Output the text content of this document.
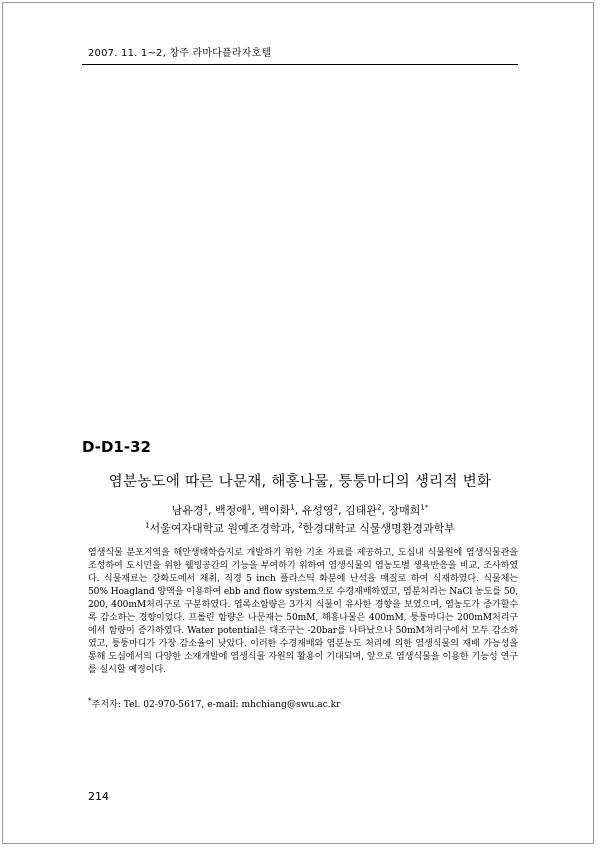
2007. 11. 1~2, 창주 라마다플라자호텔
D-D1-32
염분농도에 따른 나문재, 해홍나물, 퉁퉁마디의 생리적 변화
남유경$^1$, 백정애$^1$, 백이화$^1$, 유성영$^2$, 김태완$^2$, 장매희$^{1*}$
$^1$서울여자대학교 원예조경학과, $^2$한경대학교 식물생명환경과학부

염생식물 분포지역을 해안생태학습지로 개발하기 위한 기초 자료를 제공하고, 도심내 식물원에 염생식물관을 조성하여 도시민을 위한 웰빙공간의 기능을 부여하기 위하여 염생식물의 염농도별 생육반응을 비교, 조사하였다. 식물재료는 강화도에서 채취, 직경 5 inch 플라스틱 화분에 난석을 매질로 하여 식재하였다. 식물체는 50% Hoagland 양액을 이용하여 ebb and flow system으로 수경재배하였고, 염분처리는 NaCl 농도를 50, 200, 400mM처리구로 구분하였다. 엽록소함량은 3가지 식물이 유사한 경향을 보였으며, 염농도가 증가할수록 감소하는 경향이었다. 프롤린 함량은 나문재는 50mM, 해홍나물은 400mM, 퉁퉁마디는 200mM처리구에서 함량이 증가하였다. Water potential은 대조구는 -20bar를 나타났으나 50mM처리구에서 모두 감소하였고, 퉁퉁마디가 가장 감소율이 낮았다. 이러한 수경재배와 염분농도 처리에 의한 염생식물의 재배 가능성을 통해 도심에서의 다양한 소재개발에 염생식물 자원의 활용이 기대되며, 앞으로 염생식물을 이용한 기능성 연구를 실시할 예정이다.

*주저자: Tel. 02-970-5617, e-mail: mhchiang@swu.ac.kr
214
